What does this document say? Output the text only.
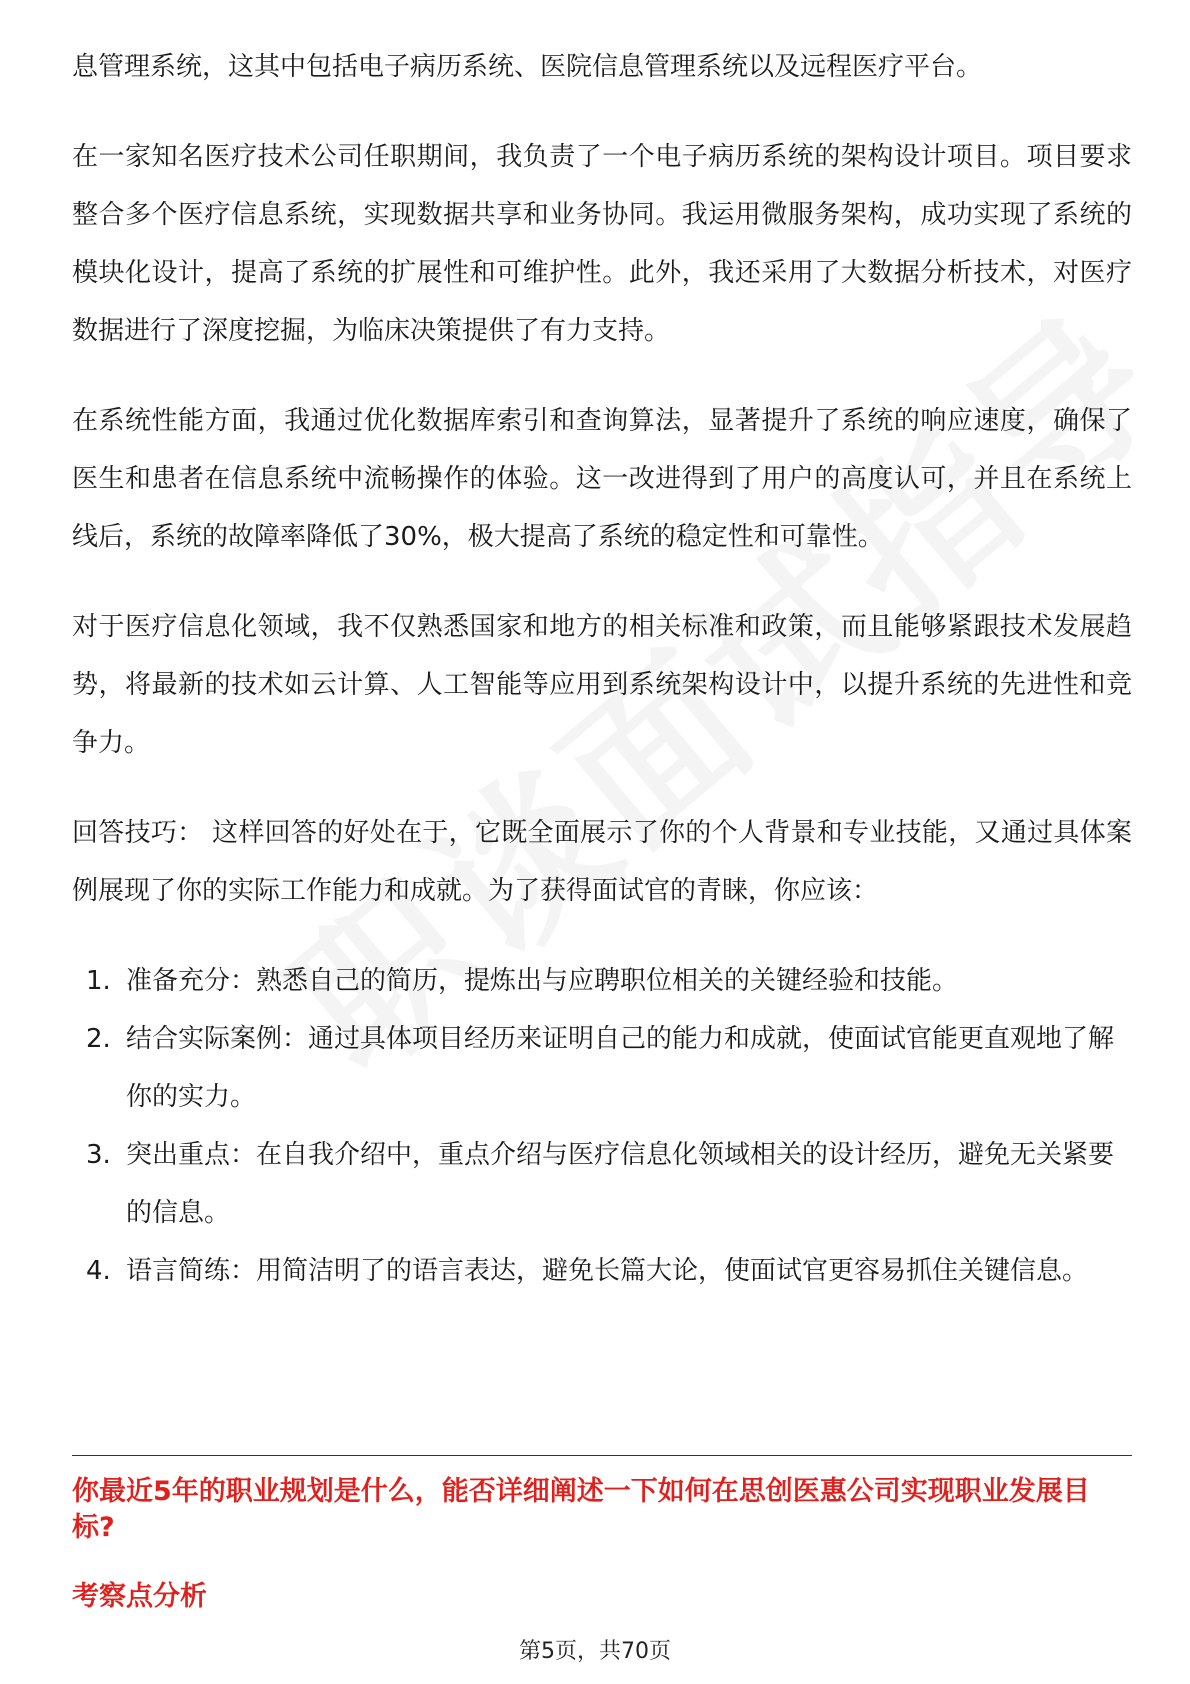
息管理系统，这其中包括电子病历系统、医院信息管理系统以及远程医疗平台。

在一家知名医疗技术公司任职期间，我负责了一个电子病历系统的架构设计项目。项目要求整合多个医疗信息系统，实现数据共享和业务协同。我运用微服务架构，成功实现了系统的模块化设计，提高了系统的扩展性和可维护性。此外，我还采用了大数据分析技术，对医疗数据进行了深度挖掘，为临床决策提供了有力支持。

在系统性能方面，我通过优化数据库索引和查询算法，显著提升了系统的响应速度，确保了医生和患者在信息系统中流畅操作的体验。这一改进得到了用户的高度认可，并且在系统上线后，系统的故障率降低了30%，极大提高了系统的稳定性和可靠性。

对于医疗信息化领域，我不仅熟悉国家和地方的相关标准和政策，而且能够紧跟技术发展趋势，将最新的技术如云计算、人工智能等应用到系统架构设计中，以提升系统的先进性和竞争力。

回答技巧： 这样回答的好处在于，它既全面展示了你的个人背景和专业技能，又通过具体案例展现了你的实际工作能力和成就。为了获得面试官的青睐，你应该：

1. 准备充分：熟悉自己的简历，提炼出与应聘职位相关的关键经验和技能。
2. 结合实际案例：通过具体项目经历来证明自己的能力和成就，使面试官能更直观地了解你的实力。
3. 突出重点：在自我介绍中，重点介绍与医疗信息化领域相关的设计经历，避免无关紧要的信息。
4. 语言简练：用简洁明了的语言表达，避免长篇大论，使面试官更容易抓住关键信息。
你最近5年的职业规划是什么，能否详细阐述一下如何在思创医惠公司实现职业发展目标?
考察点分析
第5页，共70页
